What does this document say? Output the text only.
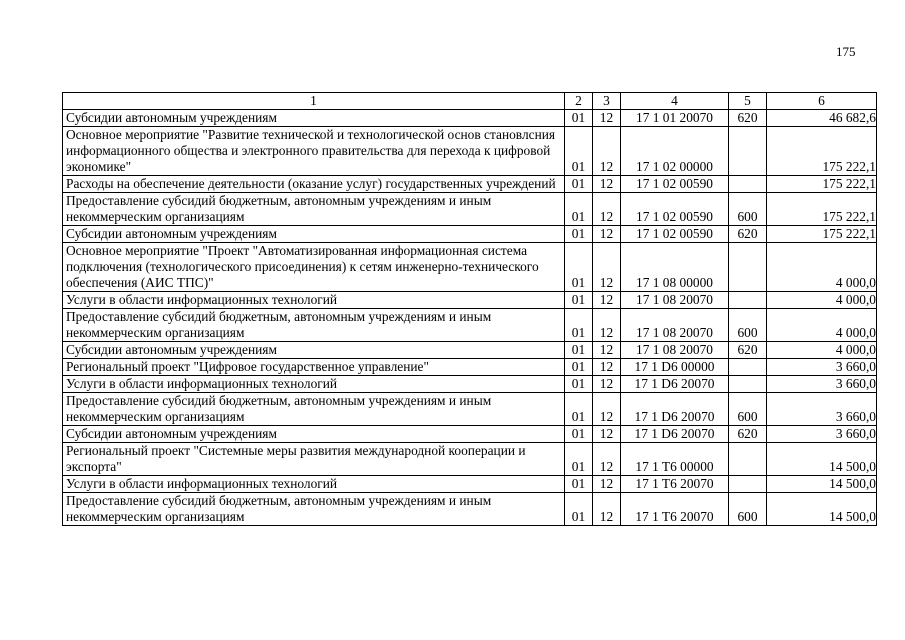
175
1	2	3	4	5	6
Субсидии автономным учреждениям	01	12	17 1 01 20070	620	46 682,6
Основное мероприятие "Развитие технической и технологической основ становлсния информационного общества и электронного правительства для перехода к цифровой экономике"	01	12	17 1 02 00000		175 222,1
Расходы на обеспечение деятельности (оказание услуг) государственных учреждений	01	12	17 1 02 00590		175 222,1
Предоставление субсидий бюджетным, автономным учреждениям и иным некоммерческим организациям	01	12	17 1 02 00590	600	175 222,1
Субсидии автономным учреждениям	01	12	17 1 02 00590	620	175 222,1
Основное мероприятие "Проект "Автоматизированная информационная система подключения (технологического присоединения) к сетям инженерно-технического обеспечения (АИС ТПС)"	01	12	17 1 08 00000		4 000,0
Услуги в области информационных технологий	01	12	17 1 08 20070		4 000,0
Предоставление субсидий бюджетным, автономным учреждениям и иным некоммерческим организациям	01	12	17 1 08 20070	600	4 000,0
Субсидии автономным учреждениям	01	12	17 1 08 20070	620	4 000,0
Региональный проект "Цифровое государственное управление"	01	12	17 1 D6 00000		3 660,0
Услуги в области информационных технологий	01	12	17 1 D6 20070		3 660,0
Предоставление субсидий бюджетным, автономным учреждениям и иным некоммерческим организациям	01	12	17 1 D6 20070	600	3 660,0
Субсидии автономным учреждениям	01	12	17 1 D6 20070	620	3 660,0
Региональный проект "Системные меры развития международной кооперации и экспорта"	01	12	17 1 T6 00000		14 500,0
Услуги в области информационных технологий	01	12	17 1 T6 20070		14 500,0
Предоставление субсидий бюджетным, автономным учреждениям и иным некоммерческим организациям	01	12	17 1 T6 20070	600	14 500,0
